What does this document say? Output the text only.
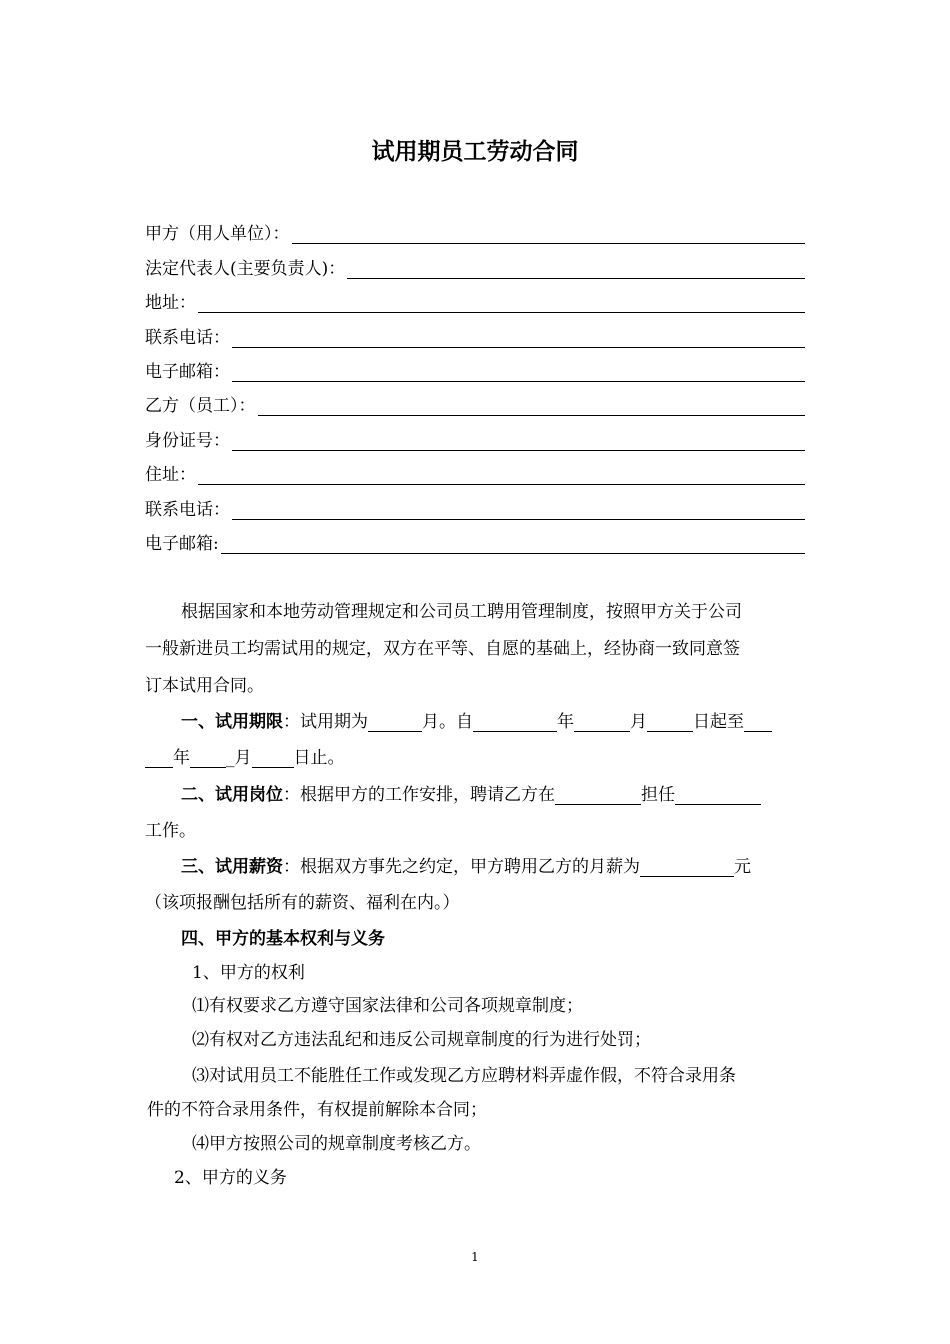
试用期员工劳动合同
甲方（用人单位）：
法定代表人(主要负责人)：
地址：
联系电话：
电子邮箱：
乙方（员工）：
身份证号：
住址：
联系电话：
电子邮箱:
根据国家和本地劳动管理规定和公司员工聘用管理制度，按照甲方关于公司
一般新进员工均需试用的规定，双方在平等、自愿的基础上，经协商一致同意签
订本试用合同。
一、试用期限：试用期为	月。自	年	月	日起至
年 _月 日止。
二、试用岗位：根据甲方的工作安排，聘请乙方在	担任
工作。
三、试用薪资：根据双方事先之约定，甲方聘用乙方的月薪为	元
（该项报酬包括所有的薪资、福利在内。）
四、甲方的基本权利与义务
1、甲方的权利
⑴有权要求乙方遵守国家法律和公司各项规章制度；
⑵有权对乙方违法乱纪和违反公司规章制度的行为进行处罚；
⑶对试用员工不能胜任工作或发现乙方应聘材料弄虚作假，不符合录用条
件的不符合录用条件，有权提前解除本合同；
⑷甲方按照公司的规章制度考核乙方。
2、甲方的义务
1
